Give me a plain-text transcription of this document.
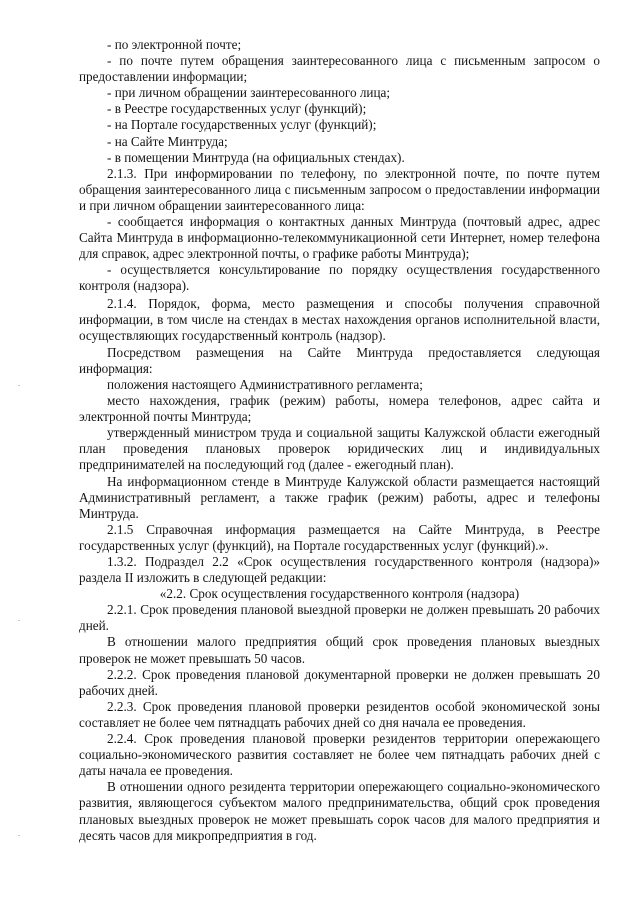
- по электронной почте;

- по почте путем обращения заинтересованного лица с письменным запросом о предоставлении информации;

- при личном обращении заинтересованного лица;

- в Реестре государственных услуг (функций);

- на Портале государственных услуг (функций);

- на Сайте Минтруда;

- в помещении Минтруда (на официальных стендах).

2.1.3. При информировании по телефону, по электронной почте, по почте путем обращения заинтересованного лица с письменным запросом о предоставлении информации и при личном обращении заинтересованного лица:

- сообщается информация о контактных данных Минтруда (почтовый адрес, адрес Сайта Минтруда в информационно-телекоммуникационной сети Интернет, номер телефона для справок, адрес электронной почты, о графике работы Минтруда);

- осуществляется консультирование по порядку осуществления государственного контроля (надзора).

2.1.4. Порядок, форма, место размещения и способы получения справочной информации, в том числе на стендах в местах нахождения органов исполнительной власти, осуществляющих государственный контроль (надзор).

Посредством размещения на Сайте Минтруда предоставляется следующая информация:

положения настоящего Административного регламента;

место нахождения, график (режим) работы, номера телефонов, адрес сайта и электронной почты Минтруда;

утвержденный министром труда и социальной защиты Калужской области ежегодный план проведения плановых проверок юридических лиц и индивидуальных предпринимателей на последующий год (далее - ежегодный план).

На информационном стенде в Минтруде Калужской области размещается настоящий Административный регламент, а также график (режим) работы, адрес и телефоны Минтруда.

2.1.5 Справочная информация размещается на Сайте Минтруда, в Реестре государственных услуг (функций), на Портале государственных услуг (функций).».

1.3.2. Подраздел 2.2 «Срок осуществления государственного контроля (надзора)» раздела II изложить в следующей редакции:

«2.2. Срок осуществления государственного контроля (надзора)

2.2.1. Срок проведения плановой выездной проверки не должен превышать 20 рабочих дней.

В отношении малого предприятия общий срок проведения плановых выездных проверок не может превышать 50 часов.

2.2.2. Срок проведения плановой документарной проверки не должен превышать 20 рабочих дней.

2.2.3. Срок проведения плановой проверки резидентов особой экономической зоны составляет не более чем пятнадцать рабочих дней со дня начала ее проведения.

2.2.4. Срок проведения плановой проверки резидентов территории опережающего социально-экономического развития составляет не более чем пятнадцать рабочих дней с даты начала ее проведения.

В отношении одного резидента территории опережающего социально-экономического развития, являющегося субъектом малого предпринимательства, общий срок проведения плановых выездных проверок не может превышать сорок часов для малого предприятия и десять часов для микропредприятия в год.
